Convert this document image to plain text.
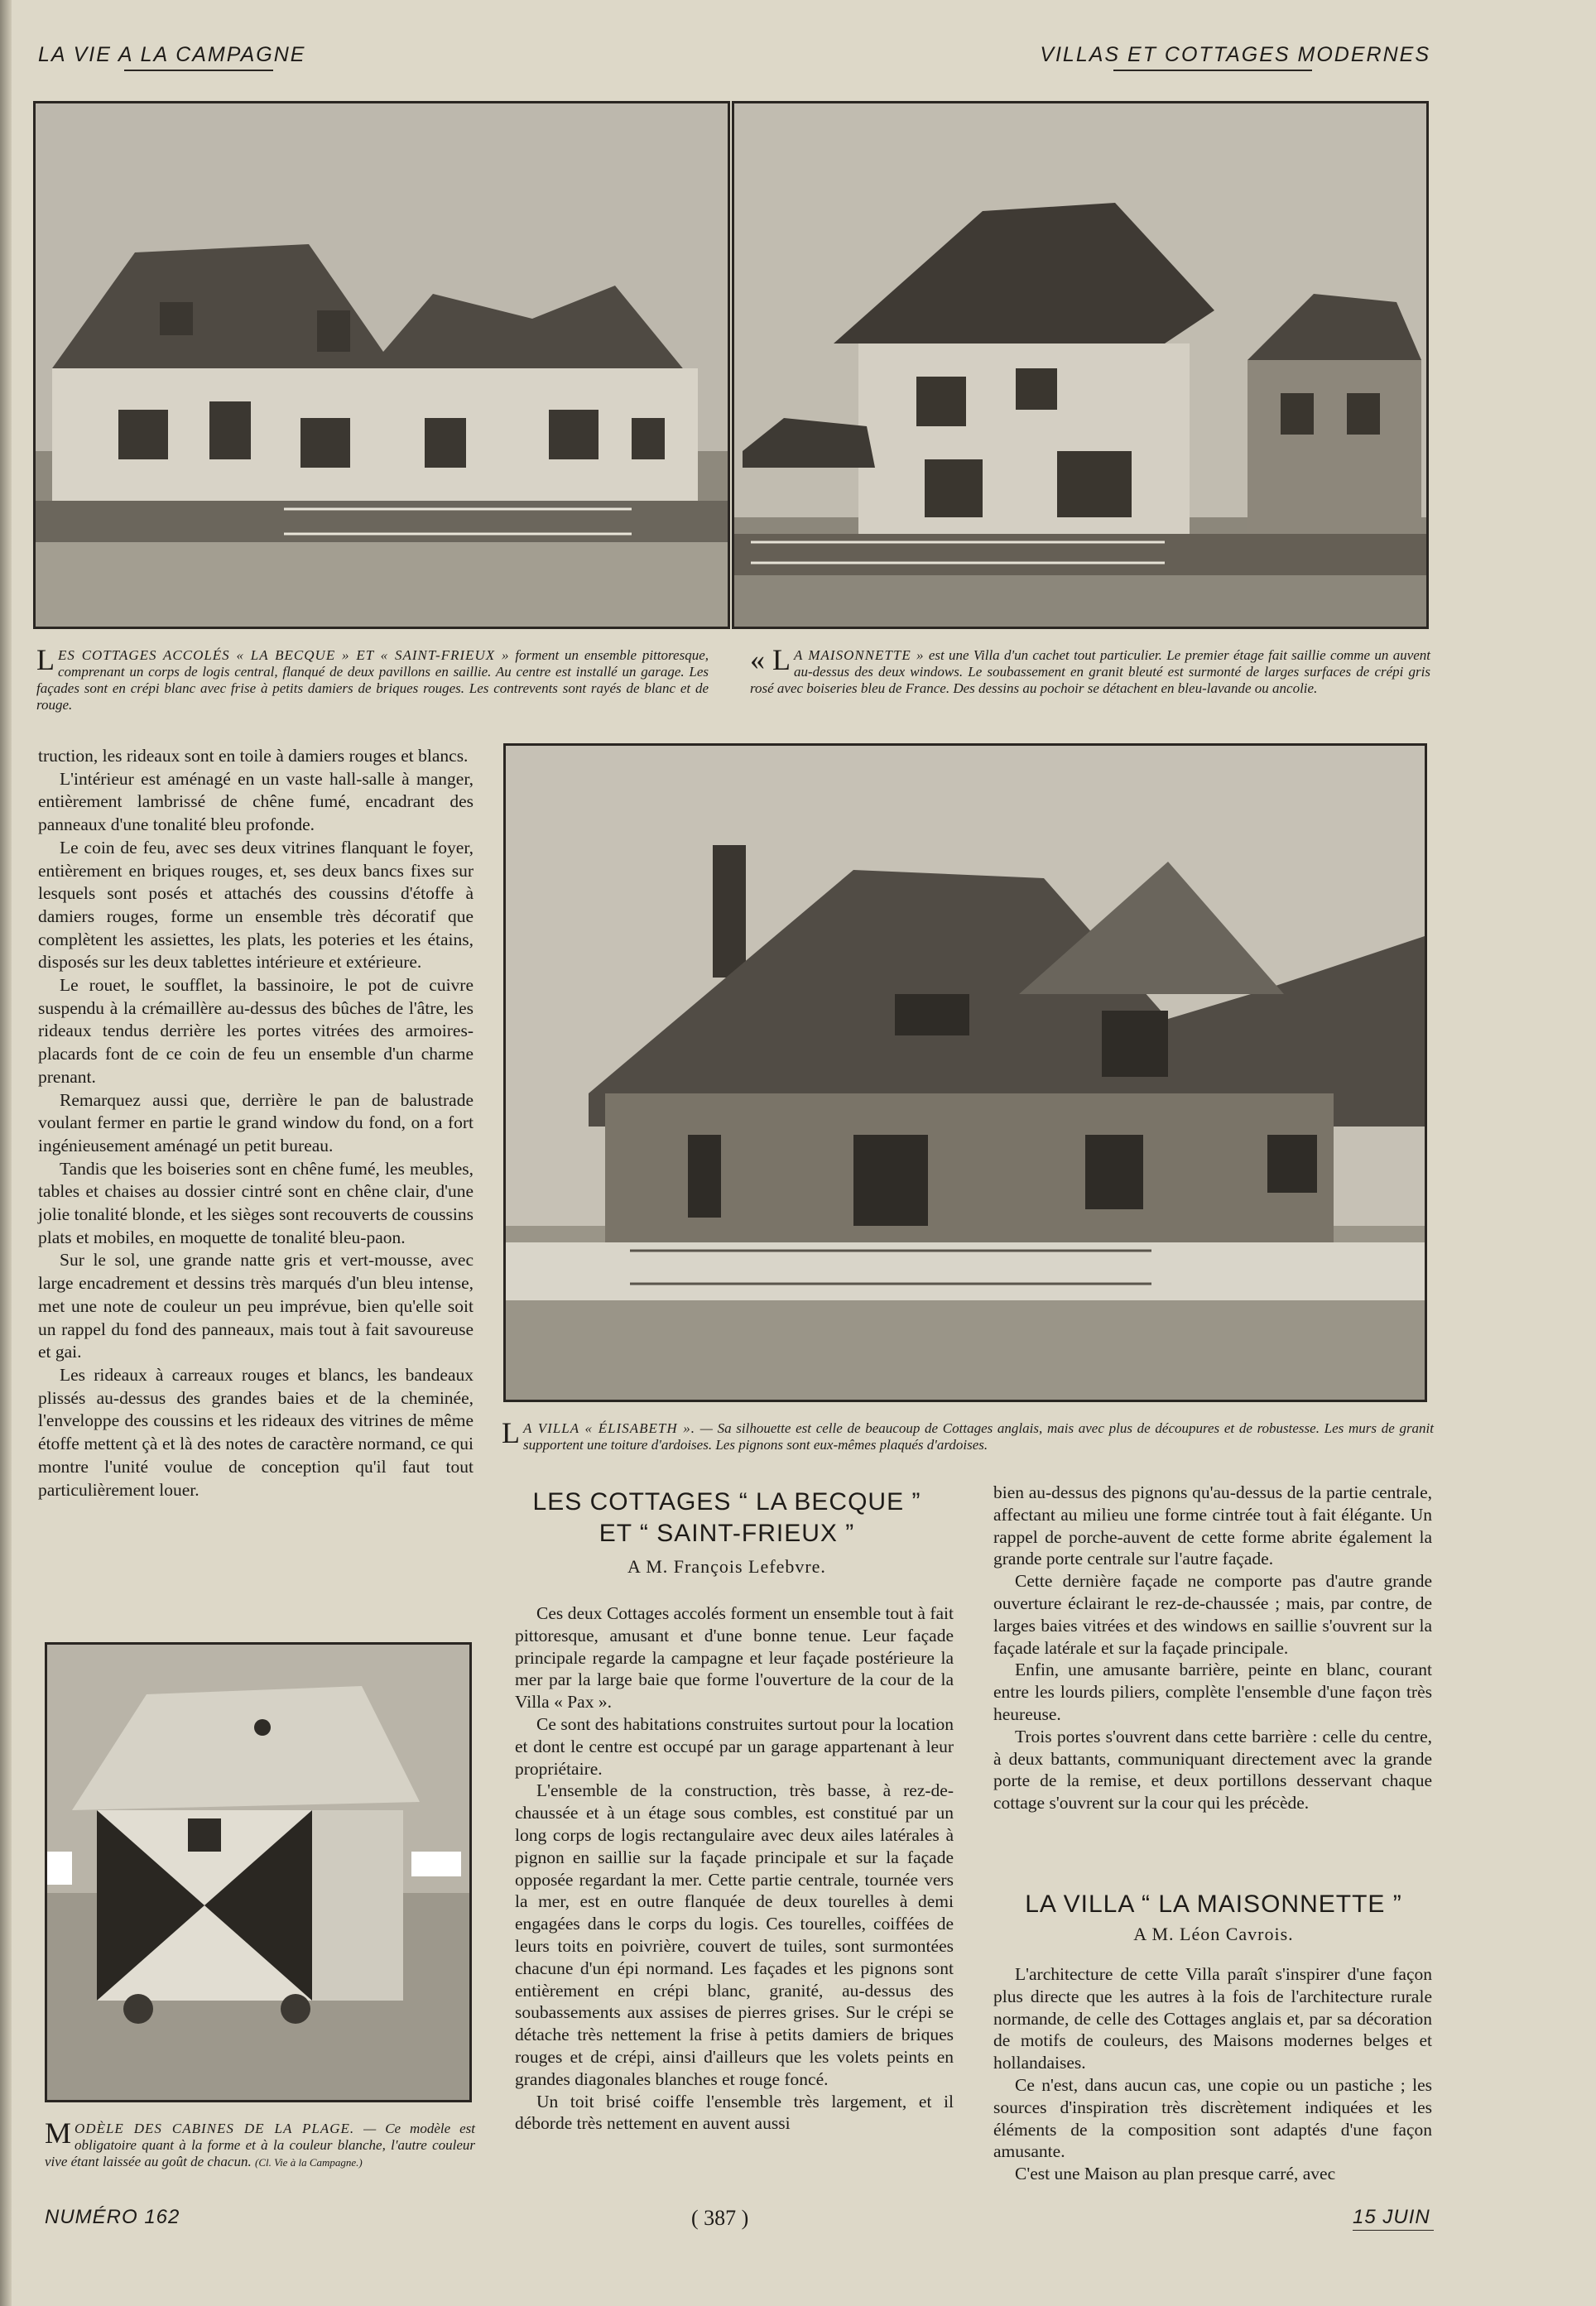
LA VIE A LA CAMPAGNE	VILLAS ET COTTAGES MODERNES
LES COTTAGES ACCOLÉS « LA BECQUE » ET « SAINT-FRIEUX » forment un ensemble pittoresque, comprenant un corps de logis central, flanqué de deux pavillons en saillie. Au centre est installé un garage. Les façades sont en crépi blanc avec frise à petits damiers de briques rouges. Les contrevents sont rayés de blanc et de rouge.
« L A MAISONNETTE » est une Villa d'un cachet tout particulier. Le premier étage fait saillie comme un auvent au-dessus des deux windows. Le soubassement en granit bleuté est surmonté de larges surfaces de crépi gris rosé avec boiseries bleu de France. Des dessins au pochoir se détachent en bleu-lavande ou ancolie.

truction, les rideaux sont en toile à damiers rouges et blancs.

L'intérieur est aménagé en un vaste hall-salle à manger, entièrement lambrissé de chêne fumé, encadrant des panneaux d'une tonalité bleu profonde.

Le coin de feu, avec ses deux vitrines flanquant le foyer, entièrement en briques rouges, et, ses deux bancs fixes sur lesquels sont posés et attachés des coussins d'étoffe à damiers rouges, forme un ensemble très décoratif que complètent les assiettes, les plats, les poteries et les étains, disposés sur les deux tablettes intérieure et extérieure.

Le rouet, le soufflet, la bassinoire, le pot de cuivre suspendu à la crémaillère au-dessus des bûches de l'âtre, les rideaux tendus derrière les portes vitrées des armoires-placards font de ce coin de feu un ensemble d'un charme prenant.

Remarquez aussi que, derrière le pan de balustrade voulant fermer en partie le grand window du fond, on a fort ingénieusement aménagé un petit bureau.

Tandis que les boiseries sont en chêne fumé, les meubles, tables et chaises au dossier cintré sont en chêne clair, d'une jolie tonalité blonde, et les sièges sont recouverts de coussins plats et mobiles, en moquette de tonalité bleu-paon.

Sur le sol, une grande natte gris et vert-mousse, avec large encadrement et dessins très marqués d'un bleu intense, met une note de couleur un peu imprévue, bien qu'elle soit un rappel du fond des panneaux, mais tout à fait savoureuse et gai.

Les rideaux à carreaux rouges et blancs, les bandeaux plissés au-dessus des grandes baies et de la cheminée, l'enveloppe des coussins et les rideaux des vitrines de même étoffe mettent çà et là des notes de caractère normand, ce qui montre l'unité voulue de conception qu'il faut tout particulièrement louer.

L A VILLA « ÉLISABETH ». — Sa silhouette est celle de beaucoup de Cottages anglais, mais avec plus de découpures et de robustesse. Les murs de granit supportent une toiture d'ardoises. Les pignons sont eux-mêmes plaqués d'ardoises.
LES COTTAGES “ LA BECQUE ”
ET “ SAINT-FRIEUX ”
A M. François Lefebvre.

Ces deux Cottages accolés forment un ensemble tout à fait pittoresque, amusant et d'une bonne tenue. Leur façade principale regarde la campagne et leur façade postérieure la mer par la large baie que forme l'ouverture de la cour de la Villa « Pax ».

Ce sont des habitations construites surtout pour la location et dont le centre est occupé par un garage appartenant à leur propriétaire.

L'ensemble de la construction, très basse, à rez-de-chaussée et à un étage sous combles, est constitué par un long corps de logis rectangulaire avec deux ailes latérales à pignon en saillie sur la façade principale et sur la façade opposée regardant la mer. Cette partie centrale, tournée vers la mer, est en outre flanquée de deux tourelles à demi engagées dans le corps du logis. Ces tourelles, coiffées de leurs toits en poivrière, couvert de tuiles, sont surmontées chacune d'un épi normand. Les façades et les pignons sont entièrement en crépi blanc, granité, au-dessus des soubassements aux assises de pierres grises. Sur le crépi se détache très nettement la frise à petits damiers de briques rouges et de crépi, ainsi d'ailleurs que les volets peints en grandes diagonales blanches et rouge foncé.

Un toit brisé coiffe l'ensemble très largement, et il déborde très nettement en auvent aussi

bien au-dessus des pignons qu'au-dessus de la partie centrale, affectant au milieu une forme cintrée tout à fait élégante. Un rappel de porche-auvent de cette forme abrite également la grande porte centrale sur l'autre façade.

Cette dernière façade ne comporte pas d'autre grande ouverture éclairant le rez-de-chaussée ; mais, par contre, de larges baies vitrées et des windows en saillie s'ouvrent sur la façade latérale et sur la façade principale.

Enfin, une amusante barrière, peinte en blanc, courant entre les lourds piliers, complète l'ensemble d'une façon très heureuse.

Trois portes s'ouvrent dans cette barrière : celle du centre, à deux battants, communiquant directement avec la grande porte de la remise, et deux portillons desservant chaque cottage s'ouvrent sur la cour qui les précède.

LA VILLA “ LA MAISONNETTE ”
A M. Léon Cavrois.

L'architecture de cette Villa paraît s'inspirer d'une façon plus directe que les autres à la fois de l'architecture rurale normande, de celle des Cottages anglais et, par sa décoration de motifs de couleurs, des Maisons modernes belges et hollandaises.

Ce n'est, dans aucun cas, une copie ou un pastiche ; les sources d'inspiration très discrètement indiquées et les éléments de la composition sont adaptés d'une façon amusante.

C'est une Maison au plan presque carré, avec

MODÈLE DES CABINES DE LA PLAGE. — Ce modèle est obligatoire quant à la forme et à la couleur blanche, l'autre couleur vive étant laissée au goût de chacun. (Cl. Vie à la Campagne.)
NUMÉRO 162	( 387 )	15 JUIN
